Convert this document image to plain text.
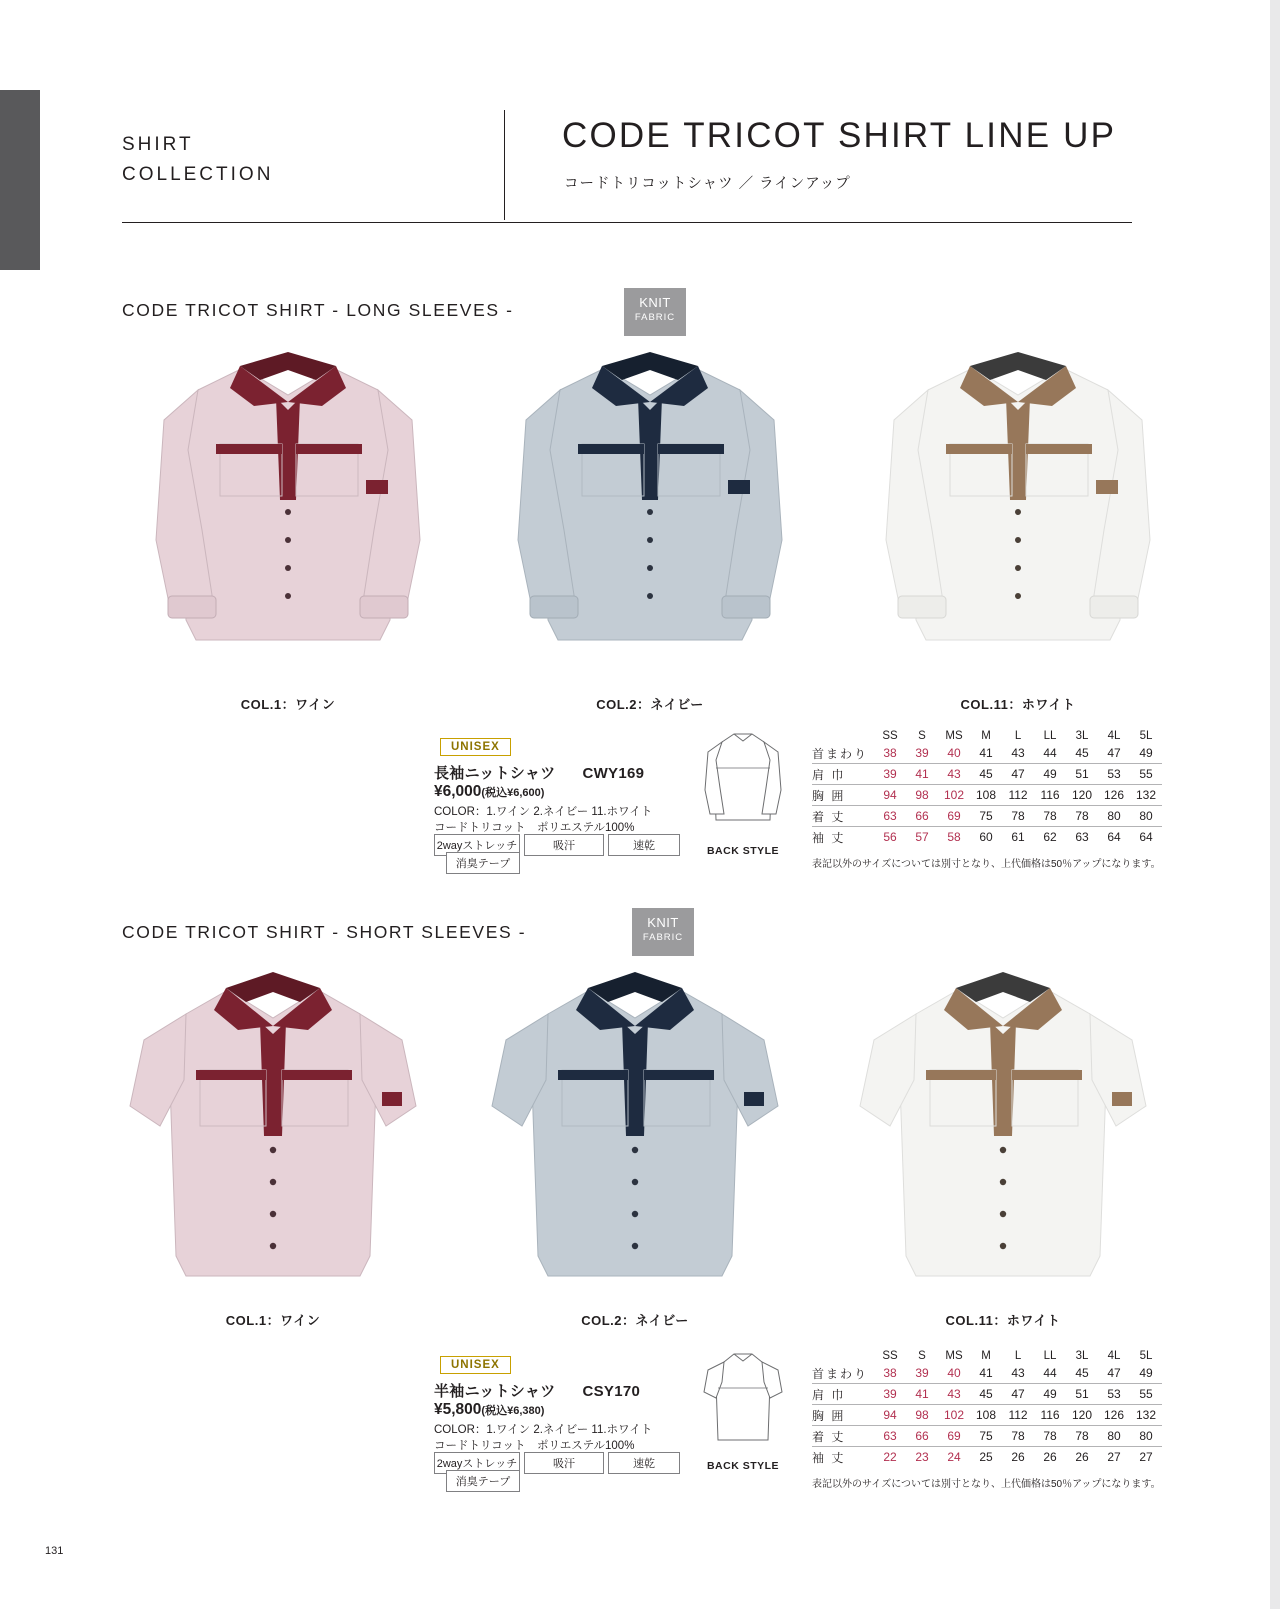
SHIRT
COLLECTION
CODE TRICOT SHIRT LINE UP
コードトリコットシャツ ／ ラインアップ
CODE TRICOT SHIRT - LONG SLEEVES -	KNIT
FABRIC
COL.1：ワイン	COL.2：ネイビー	COL.11：ホワイト
UNISEX
長袖ニットシャツ CWY169
¥6,000(税込¥6,600)
COLOR：1.ワイン 2.ネイビー 11.ホワイト
コードトリコット　ポリエステル100%
2wayストレッチ	吸汗	速乾
消臭テープ
BACK STYLE
	SS	S	MS	M	L	LL	3L	4L	5L
首まわり	38	39	40	41	43	44	45	47	49
肩 巾	39	41	43	45	47	49	51	53	55
胸 囲	94	98	102	108	112	116	120	126	132
着 丈	63	66	69	75	78	78	78	80	80
袖 丈	56	57	58	60	61	62	63	64	64
表記以外のサイズについては別寸となり、上代価格は50％アップになります。
CODE TRICOT SHIRT - SHORT SLEEVES -	KNIT
FABRIC
COL.1：ワイン	COL.2：ネイビー	COL.11：ホワイト
UNISEX
半袖ニットシャツ CSY170
¥5,800(税込¥6,380)
COLOR：1.ワイン 2.ネイビー 11.ホワイト
コードトリコット　ポリエステル100%
2wayストレッチ	吸汗	速乾
消臭テープ
BACK STYLE
	SS	S	MS	M	L	LL	3L	4L	5L
首まわり	38	39	40	41	43	44	45	47	49
肩 巾	39	41	43	45	47	49	51	53	55
胸 囲	94	98	102	108	112	116	120	126	132
着 丈	63	66	69	75	78	78	78	80	80
袖 丈	22	23	24	25	26	26	26	27	27
表記以外のサイズについては別寸となり、上代価格は50％アップになります。
131
